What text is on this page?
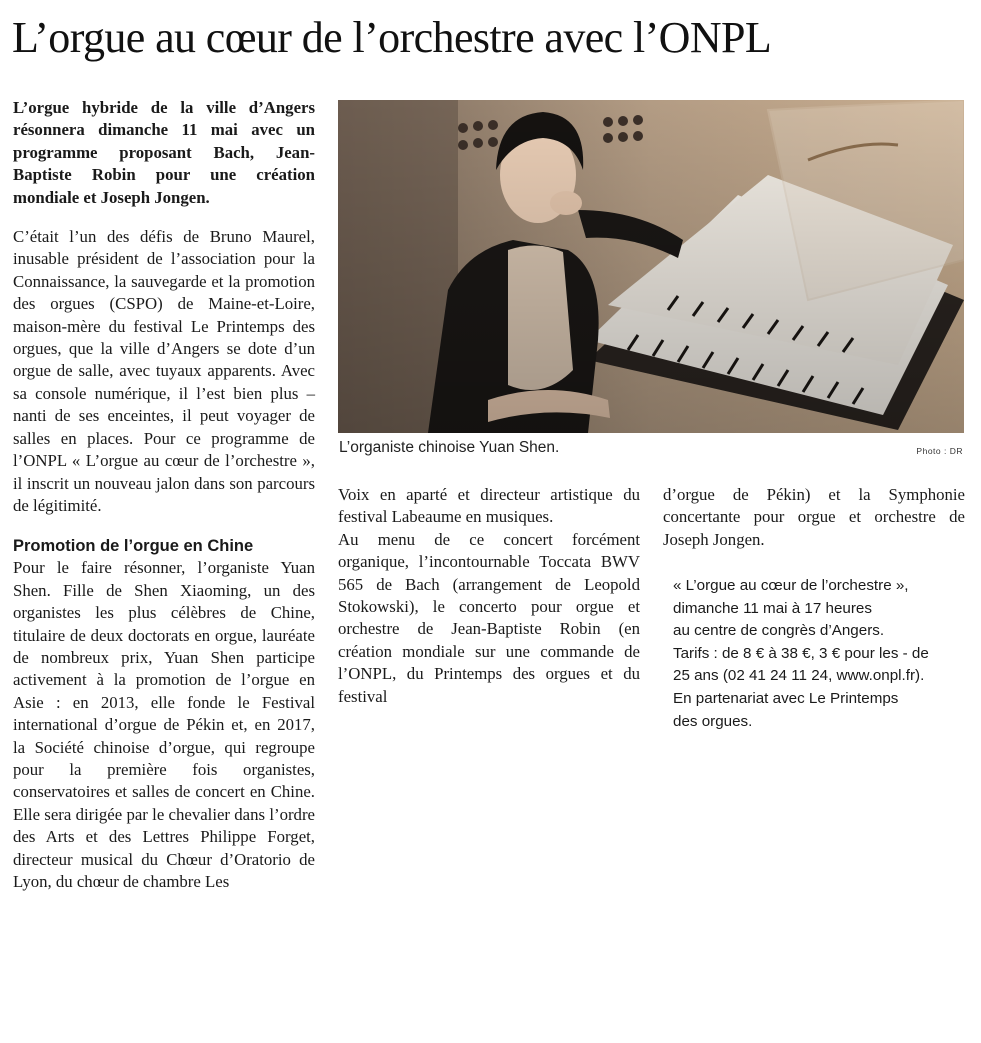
L’orgue au cœur de l’orchestre avec l’ONPL

L’orgue hybride de la ville d’Angers résonnera dimanche 11 mai avec un programme proposant Bach, Jean-Baptiste Robin pour une création mondiale et Joseph Jongen.

C’était l’un des défis de Bruno Maurel, inusable président de l’association pour la Connaissance, la sauvegarde et la promotion des orgues (CSPO) de Maine-et-Loire, maison-mère du festival Le Printemps des orgues, que la ville d’Angers se dote d’un orgue de salle, avec tuyaux apparents. Avec sa console numérique, il l’est bien plus – nanti de ses enceintes, il peut voyager de salles en places. Pour ce programme de l’ONPL « L’orgue au cœur de l’orchestre », il inscrit un nouveau jalon dans son parcours de légitimité.

Promotion de l’orgue en Chine

Pour le faire résonner, l’organiste Yuan Shen. Fille de Shen Xiaoming, un des organistes les plus célèbres de Chine, titulaire de deux doctorats en orgue, lauréate de nombreux prix, Yuan Shen participe activement à la promotion de l’orgue en Asie : en 2013, elle fonde le Festival international d’orgue de Pékin et, en 2017, la Société chinoise d’orgue, qui regroupe pour la première fois organistes, conservatoires et salles de concert en Chine. Elle sera dirigée par le chevalier dans l’ordre des Arts et des Lettres Philippe Forget, directeur musical du Chœur d’Oratorio de Lyon, du chœur de chambre Les

L’organiste chinoise Yuan Shen.	Photo : DR

Voix en aparté et directeur artistique du festival Labeaume en musiques.

Au menu de ce concert forcément organique, l’incontournable Toccata BWV 565 de Bach (arrangement de Leopold Stokowski), le concerto pour orgue et orchestre de Jean-Baptiste Robin (en création mondiale sur une commande de l’ONPL, du Printemps des orgues et du festival

d’orgue de Pékin) et la Symphonie concertante pour orgue et orchestre de Joseph Jongen.

« L’orgue au cœur de l’orchestre »,
dimanche 11 mai à 17 heures
au centre de congrès d’Angers.
Tarifs : de 8 € à 38 €, 3 € pour les - de
25 ans (02 41 24 11 24, www.onpl.fr).
En partenariat avec Le Printemps
des orgues.
